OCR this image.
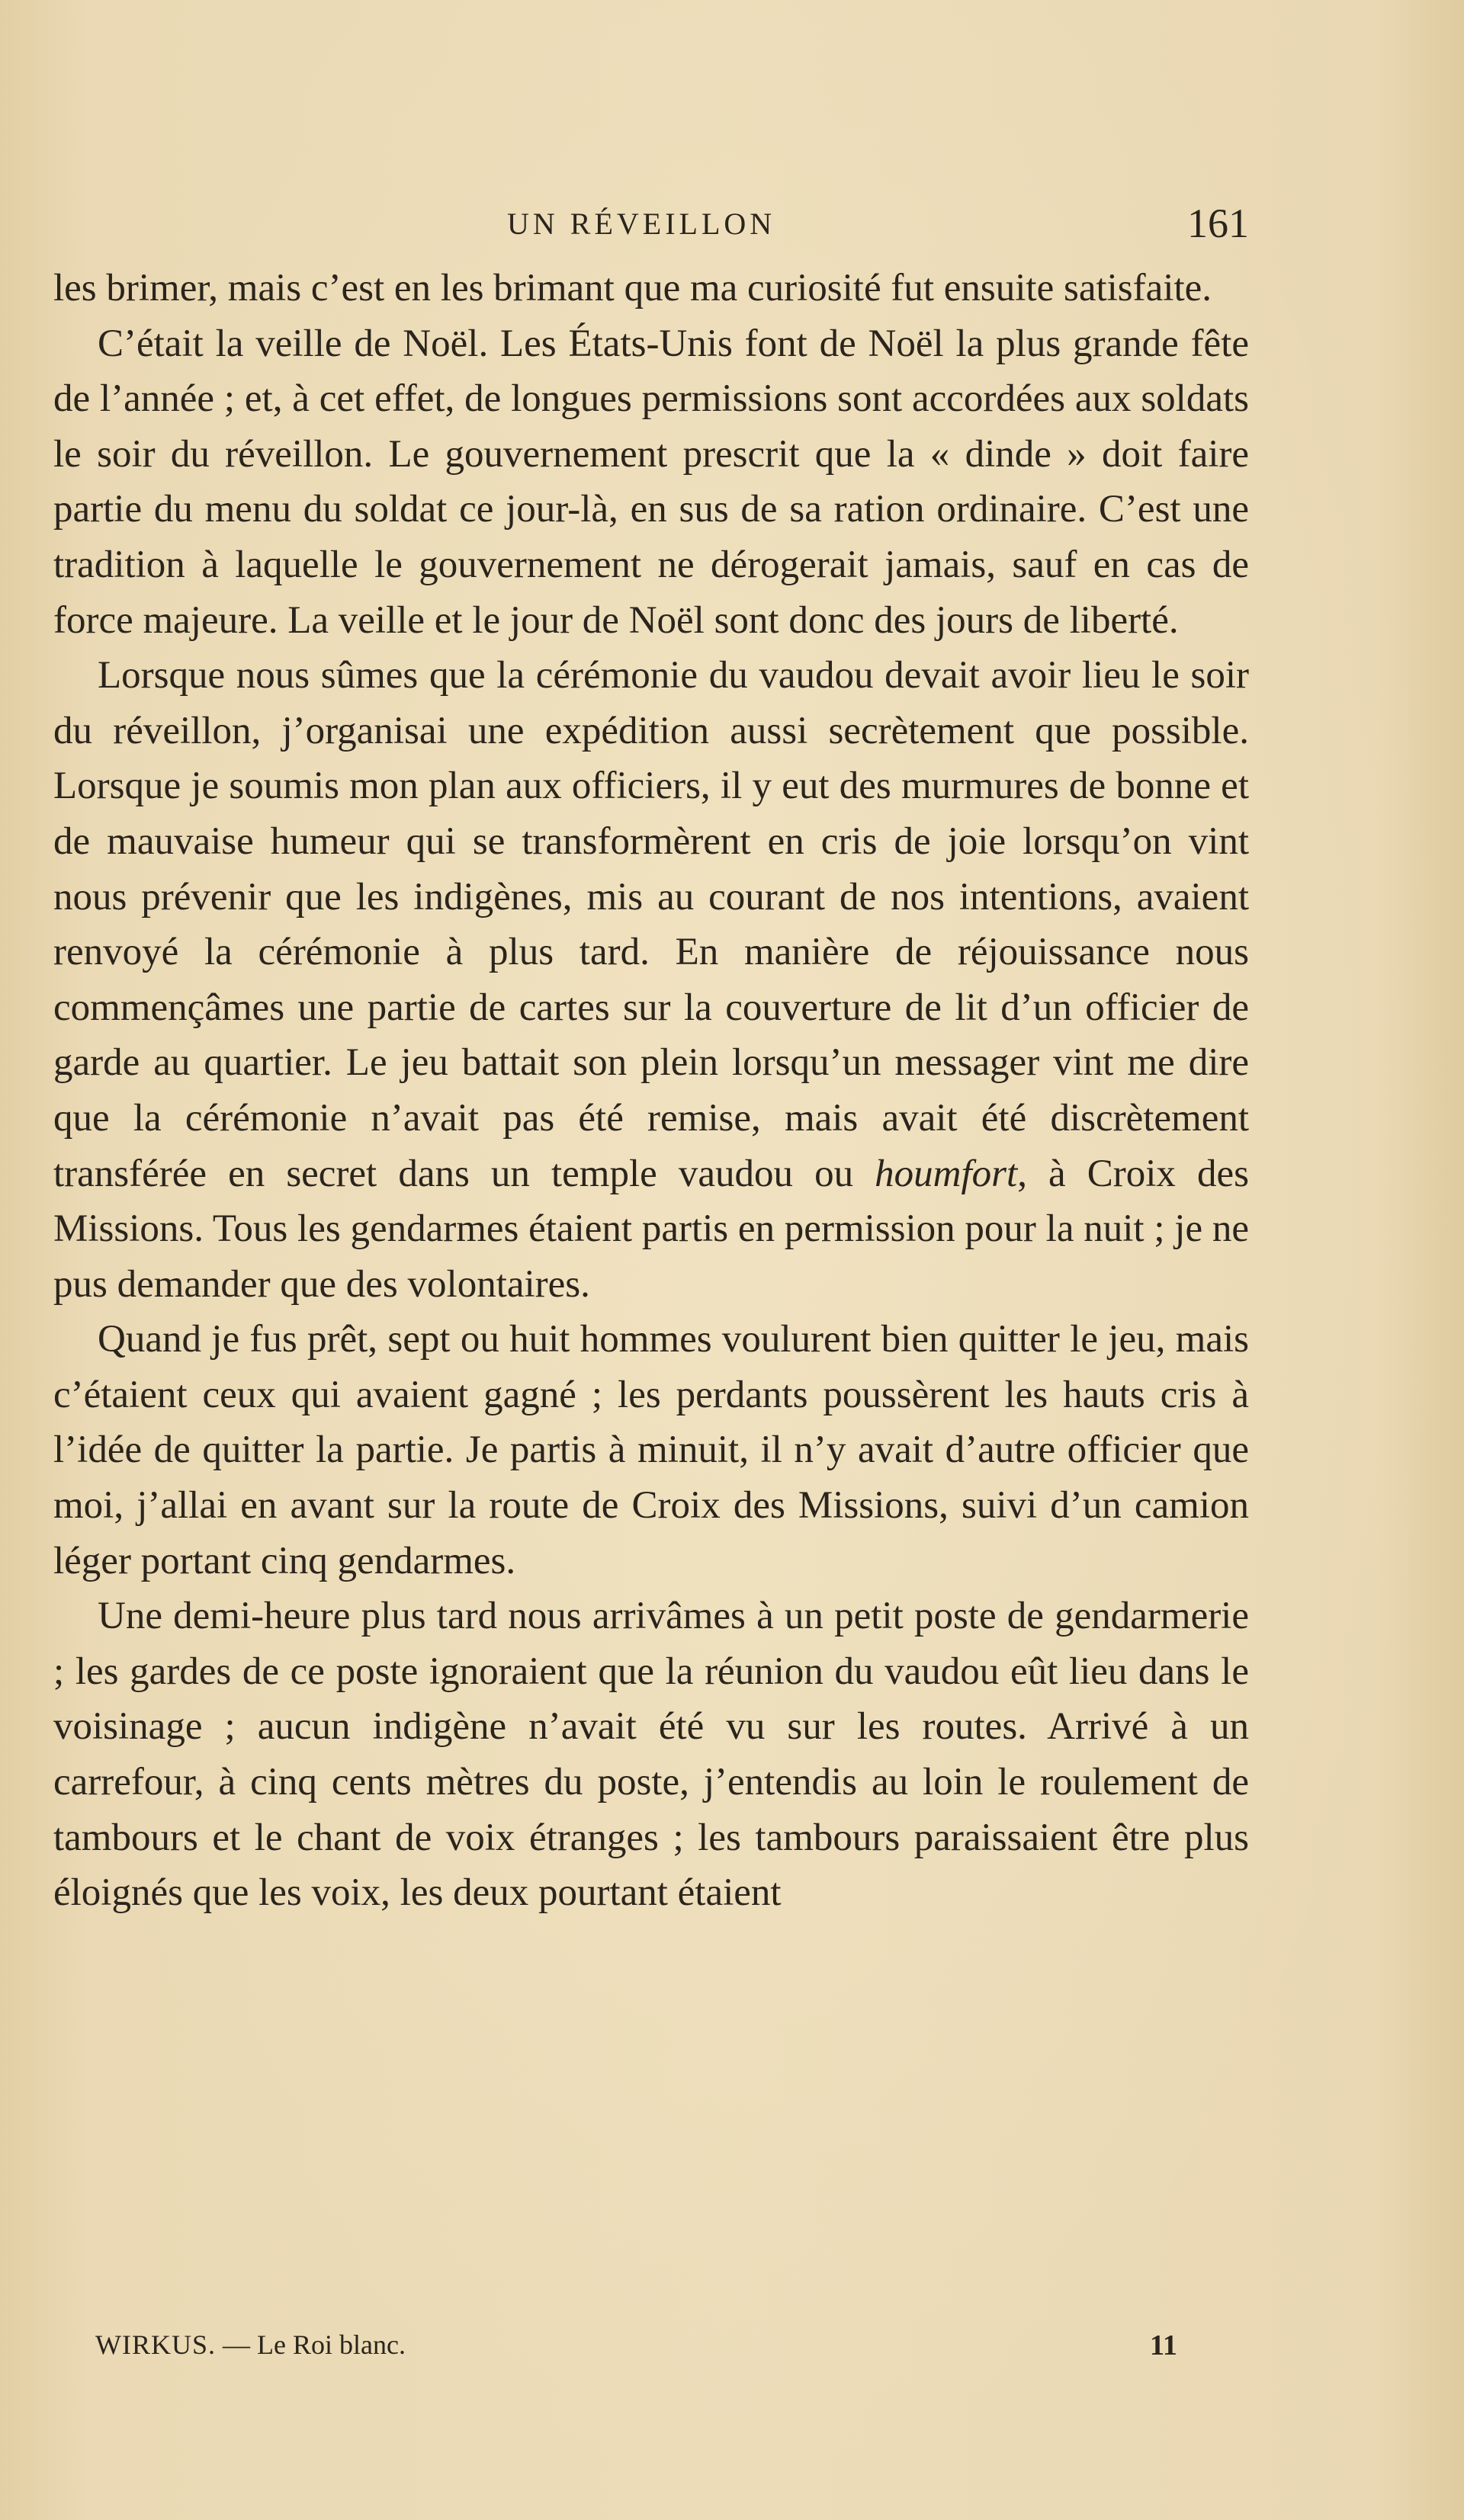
UN RÉVEILLON	161

les brimer, mais c’est en les brimant que ma curiosité fut ensuite satisfaite.

C’était la veille de Noël. Les États-Unis font de Noël la plus grande fête de l’année ; et, à cet effet, de longues permissions sont accordées aux soldats le soir du réveillon. Le gouvernement prescrit que la « dinde » doit faire partie du menu du soldat ce jour-là, en sus de sa ration ordinaire. C’est une tradition à laquelle le gouvernement ne dérogerait jamais, sauf en cas de force majeure. La veille et le jour de Noël sont donc des jours de liberté.

Lorsque nous sûmes que la cérémonie du vaudou devait avoir lieu le soir du réveillon, j’organisai une expédition aussi secrètement que possible. Lorsque je soumis mon plan aux officiers, il y eut des murmures de bonne et de mauvaise humeur qui se transformèrent en cris de joie lorsqu’on vint nous prévenir que les indigènes, mis au courant de nos intentions, avaient renvoyé la cérémonie à plus tard. En manière de réjouissance nous commençâmes une partie de cartes sur la couverture de lit d’un officier de garde au quartier. Le jeu battait son plein lorsqu’un messager vint me dire que la cérémonie n’avait pas été remise, mais avait été discrètement transférée en secret dans un temple vaudou ou houmfort, à Croix des Missions. Tous les gendarmes étaient partis en permission pour la nuit ; je ne pus demander que des volontaires.

Quand je fus prêt, sept ou huit hommes voulurent bien quitter le jeu, mais c’étaient ceux qui avaient gagné ; les perdants poussèrent les hauts cris à l’idée de quitter la partie. Je partis à minuit, il n’y avait d’autre officier que moi, j’allai en avant sur la route de Croix des Missions, suivi d’un camion léger portant cinq gendarmes.

Une demi-heure plus tard nous arrivâmes à un petit poste de gendarmerie ; les gardes de ce poste ignoraient que la réunion du vaudou eût lieu dans le voisinage ; aucun indigène n’avait été vu sur les routes. Arrivé à un carrefour, à cinq cents mètres du poste, j’entendis au loin le roulement de tambours et le chant de voix étranges ; les tambours paraissaient être plus éloignés que les voix, les deux pourtant étaient

WIRKUS. — Le Roi blanc.	11
